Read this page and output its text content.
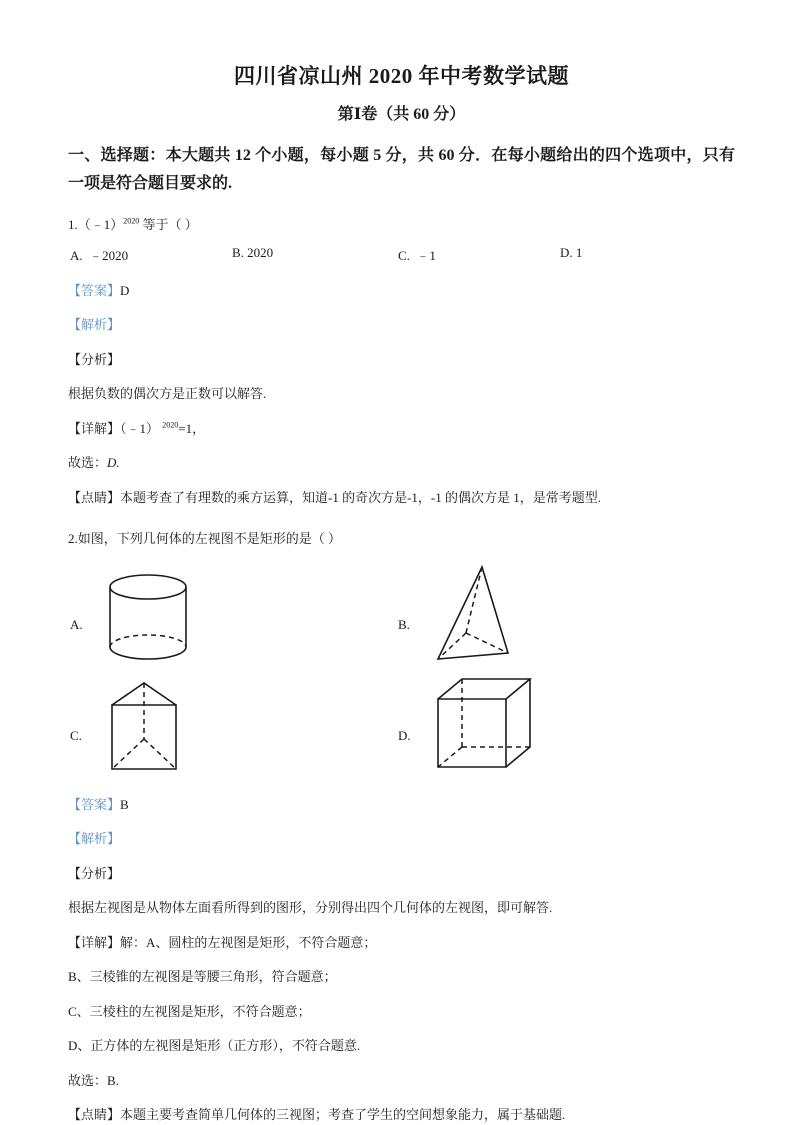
四川省凉山州 2020 年中考数学试题
第Ⅰ卷（共 60 分）
一、选择题：本大题共 12 个小题，每小题 5 分，共 60 分．在每小题给出的四个选项中，只有一项是符合题目要求的.
1.（﹣1）$^{2020}$ 等于（ ）
A. ﹣2020	B. 2020	C. ﹣1	D. 1
【答案】D
【解析】
【分析】
根据负数的偶次方是正数可以解答.
【详解】（﹣1） $^{2020}$=1，
故选：D.
【点睛】本题考查了有理数的乘方运算，知道-1 的奇次方是-1，-1 的偶次方是 1，是常考题型.
2.如图，下列几何体的左视图不是矩形的是（ ）
A.	B.
C.	D.
【答案】B
【解析】
【分析】
根据左视图是从物体左面看所得到的图形，分别得出四个几何体的左视图，即可解答.
【详解】解：A、圆柱的左视图是矩形，不符合题意；
B、三棱锥的左视图是等腰三角形，符合题意；
C、三棱柱的左视图是矩形，不符合题意；
D、正方体的左视图是矩形（正方形），不符合题意.
故选：B.
【点睛】本题主要考查简单几何体的三视图；考查了学生的空间想象能力，属于基础题.
